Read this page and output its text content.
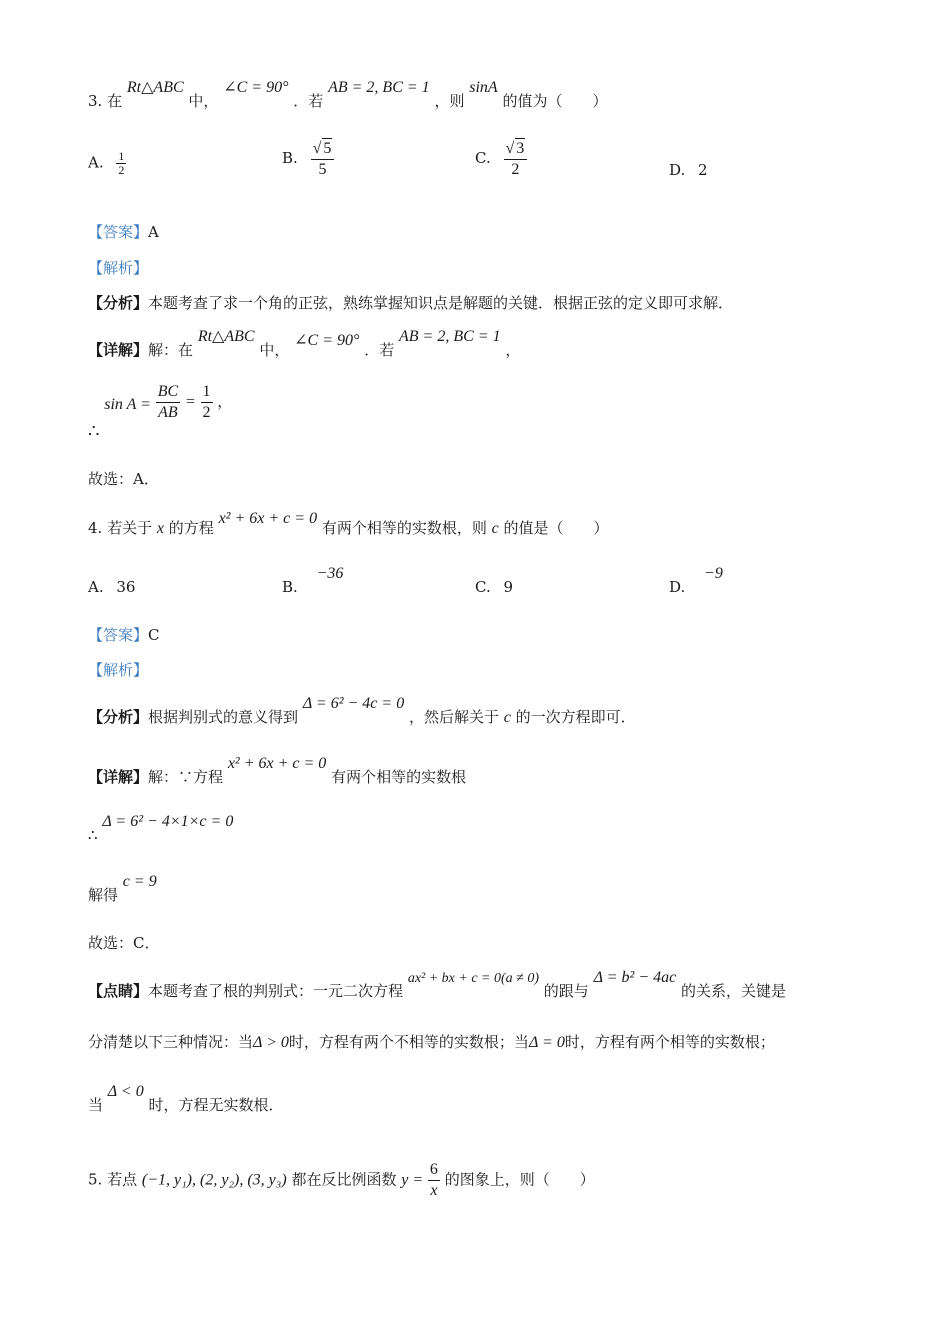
3. 在 Rt△ABC 中， ∠C = 90° ．若 AB = 2, BC = 1 ，则 sinA 的值为（　　）
A. $\frac{1}{2}$	B. $\frac{√ 5}{5}$	C. $\frac{√ 3}{2}$	D. 2
【答案】A
【解析】
【分析】本题考查了求一个角的正弦，熟练掌握知识点是解题的关键．根据正弦的定义即可求解．
【详解】解：在 Rt△ABC 中， ∠C = 90° ．若 AB = 2, BC = 1 ，
∴ $\sin A = \frac{BC}{AB} = \frac{1}{2}$ ，
故选：A．
4. 若关于 x 的方程 x² + 6x + c = 0 有两个相等的实数根，则 c 的值是（　　）
A. 36	B. −36
C. 9	D. −9
【答案】C
【解析】
【分析】根据判别式的意义得到 Δ = 6² − 4c = 0 ，然后解关于 c 的一次方程即可．
【详解】解：∵方程 x² + 6x + c = 0 有两个相等的实数根
∴ Δ = 6² − 4×1×c = 0
解得 c = 9
故选：C．
【点睛】本题考查了根的判别式：一元二次方程 ax² + bx + c = 0(a ≠ 0) 的跟与 Δ = b² − 4ac 的关系，关键是
分清楚以下三种情况：当Δ > 0时，方程有两个不相等的实数根；当Δ = 0时，方程有两个相等的实数根；
当 Δ < 0 时，方程无实数根．
5. 若点 (−1, y₁), (2, y₂), (3, y₃) 都在反比例函数 $y = \frac{6}{x}$ 的图象上，则（　　）
